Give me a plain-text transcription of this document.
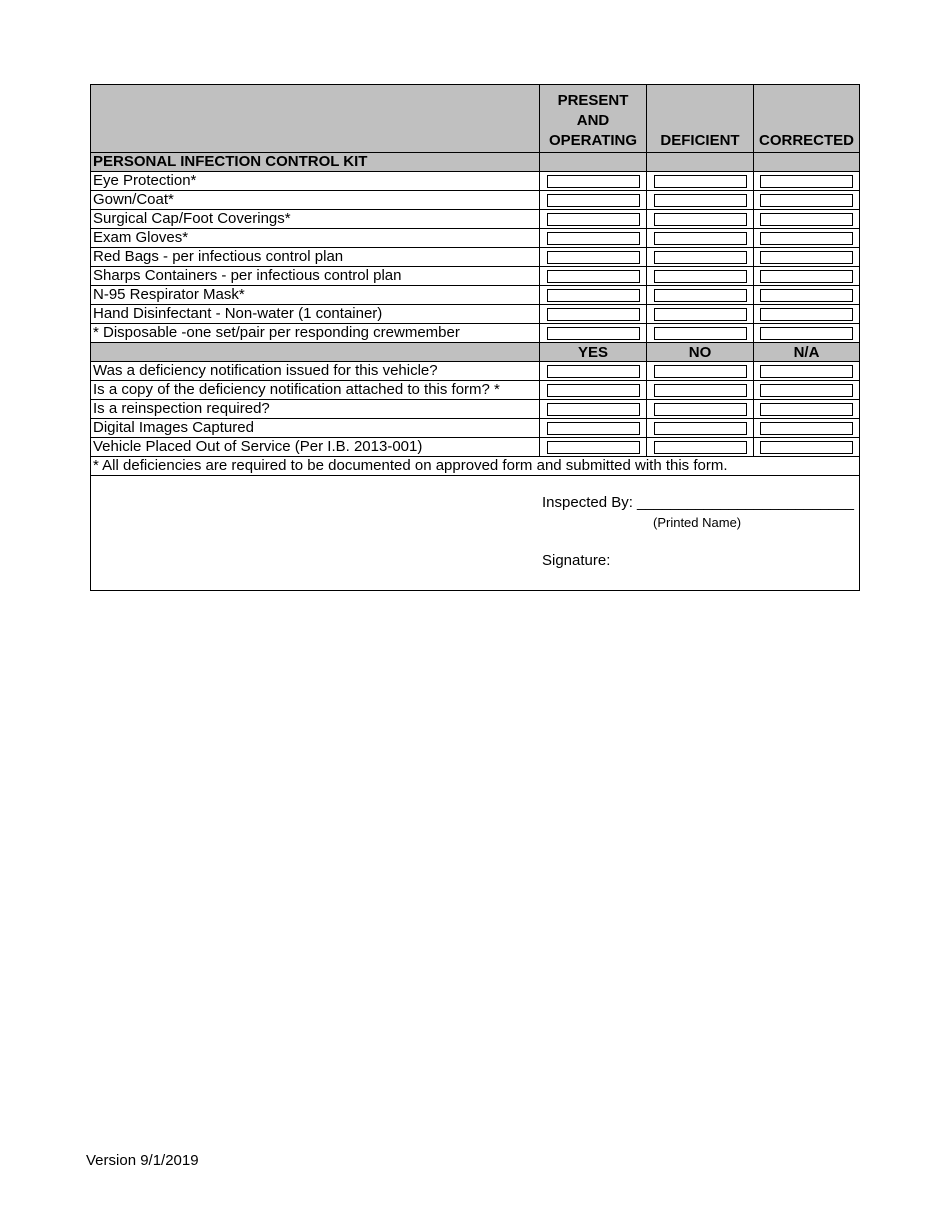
PRESENT
AND
OPERATING	DEFICIENT	CORRECTED
PERSONAL INFECTION CONTROL KIT
Eye Protection*
Gown/Coat*
Surgical Cap/Foot Coverings*
Exam Gloves*
Red Bags - per infectious control plan
Sharps Containers - per infectious control plan
N-95 Respirator Mask*
Hand Disinfectant - Non-water (1 container)
* Disposable -one set/pair per responding crewmember
YES	NO	N/A
Was a deficiency notification issued for this vehicle?
Is a copy of the deficiency notification attached to this form? *
Is a reinspection required?
Digital Images Captured
Vehicle Placed Out of Service (Per I.B. 2013-001)
* All deficiencies are required to be documented on approved form and submitted with this form.
Inspected By: __________________________
(Printed Name)
Signature:
Version 9/1/2019
